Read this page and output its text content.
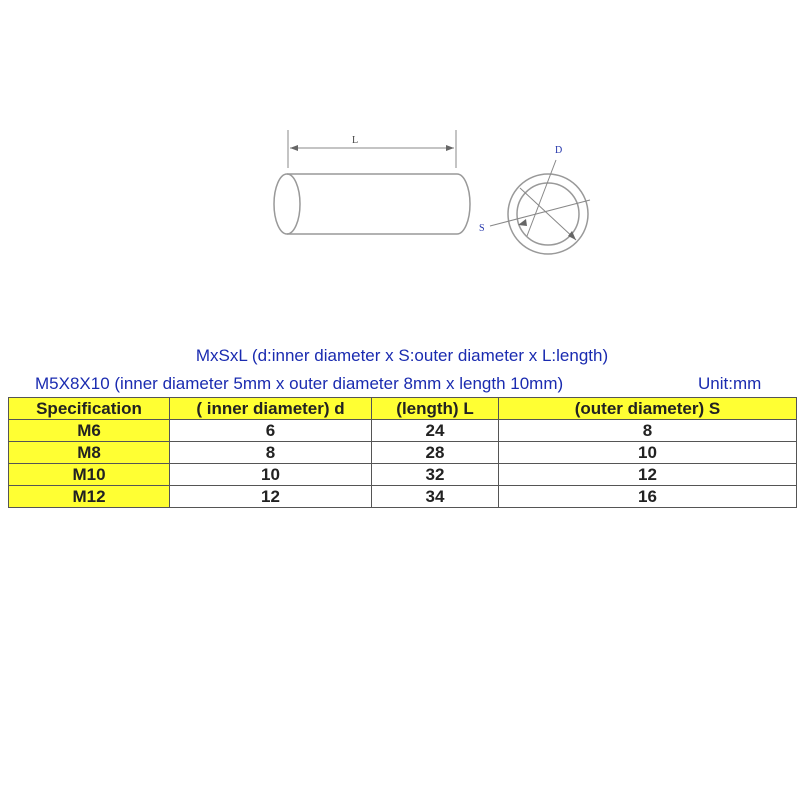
L
D
S
MxSxL (d:inner diameter x S:outer diameter x L:length)
M5X8X10 (inner diameter 5mm x outer diameter 8mm x length 10mm)	Unit:mm
Specification	( inner diameter) d	(length) L	(outer diameter) S
M6	6	24	8
M8	8	28	10
M10	10	32	12
M12	12	34	16
